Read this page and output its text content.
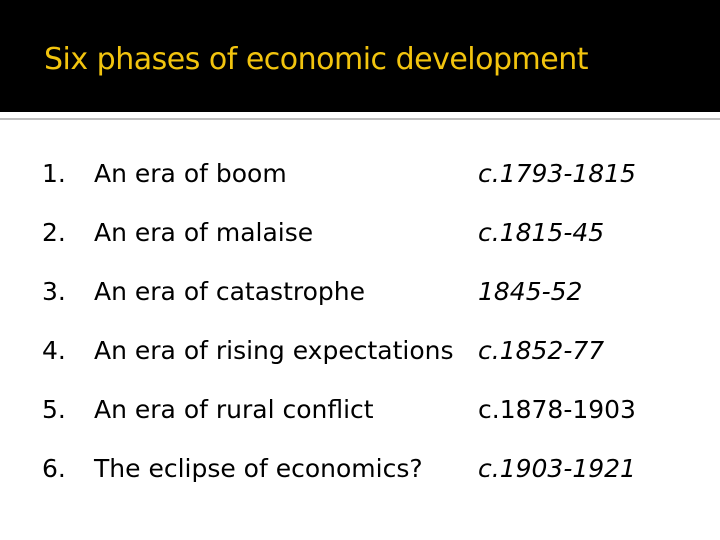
Six phases of economic development
1. An era of boom	c.1793-1815
2. An era of malaise	c.1815-45
3. An era of catastrophe	1845-52
4. An era of rising expectations c.1852-77
5. An era of rural conflict	c.1878-1903
6. The eclipse of economics? c.1903-1921
